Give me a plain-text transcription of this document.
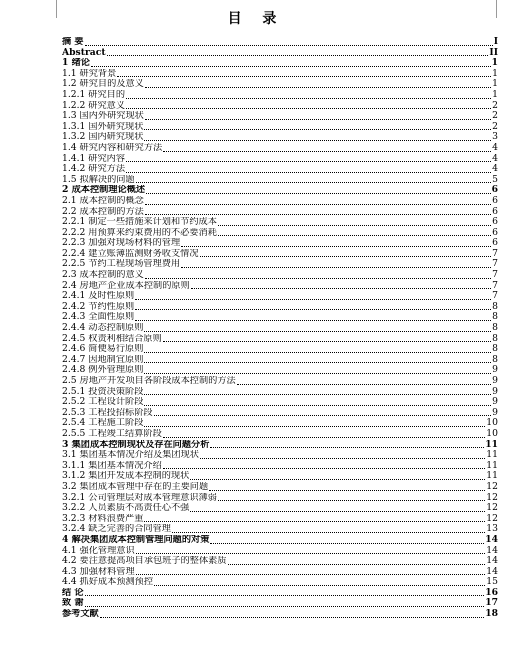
目 录
摘 要	I
Abstract	II
1 绪论	1
1.1 研究背景	1
1.2 研究目的及意义	1
1.2.1 研究目的	1
1.2.2 研究意义	2
1.3 国内外研究现状	2
1.3.1 国外研究现状	2
1.3.2 国内研究现状	3
1.4 研究内容和研究方法	4
1.4.1 研究内容	4
1.4.2 研究方法	4
1.5 拟解决的问题	5
2 成本控制理论概述	6
2.1 成本控制的概念	6
2.2 成本控制的方法	6
2.2.1 制定一些措施来计划和节约成本	6
2.2.2 用预算来约束费用的不必要消耗	6
2.2.3 加强对现场材料的管理	6
2.2.4 建立账簿监测财务收支情况	7
2.2.5 节约工程现场管理费用	7
2.3 成本控制的意义	7
2.4 房地产企业成本控制的原则	7
2.4.1 及时性原则	7
2.4.2 节约性原则	8
2.4.3 全面性原则	8
2.4.4 动态控制原则	8
2.4.5 权责利相结合原则	8
2.4.6 简便易行原则	8
2.4.7 因地制宜原则	8
2.4.8 例外管理原则	9
2.5 房地产开发项目各阶段成本控制的方法	9
2.5.1 投资决策阶段	9
2.5.2 工程设计阶段	9
2.5.3 工程投招标阶段	9
2.5.4 工程施工阶段	10
2.5.5 工程竣工结算阶段	10
3 集团成本控制现状及存在问题分析	11
3.1 集团基本情况介绍及集团现状	11
3.1.1 集团基本情况介绍	11
3.1.2 集团开发成本控制的现状	11
3.2 集团成本管理中存在的主要问题	12
3.2.1 公司管理层对成本管理意识薄弱	12
3.2.2 人员素质不高责任心不强	12
3.2.3 材料浪费严重	12
3.2.4 缺乏完善的合同管理	13
4 解决集团成本控制管理问题的对策	14
4.1 强化管理意识	14
4.2 要注意提高项目承包班子的整体素质	14
4.3 加强材料管理	14
4.4 抓好成本预测预控	15
结 论	16
致 谢	17
参考文献	18
